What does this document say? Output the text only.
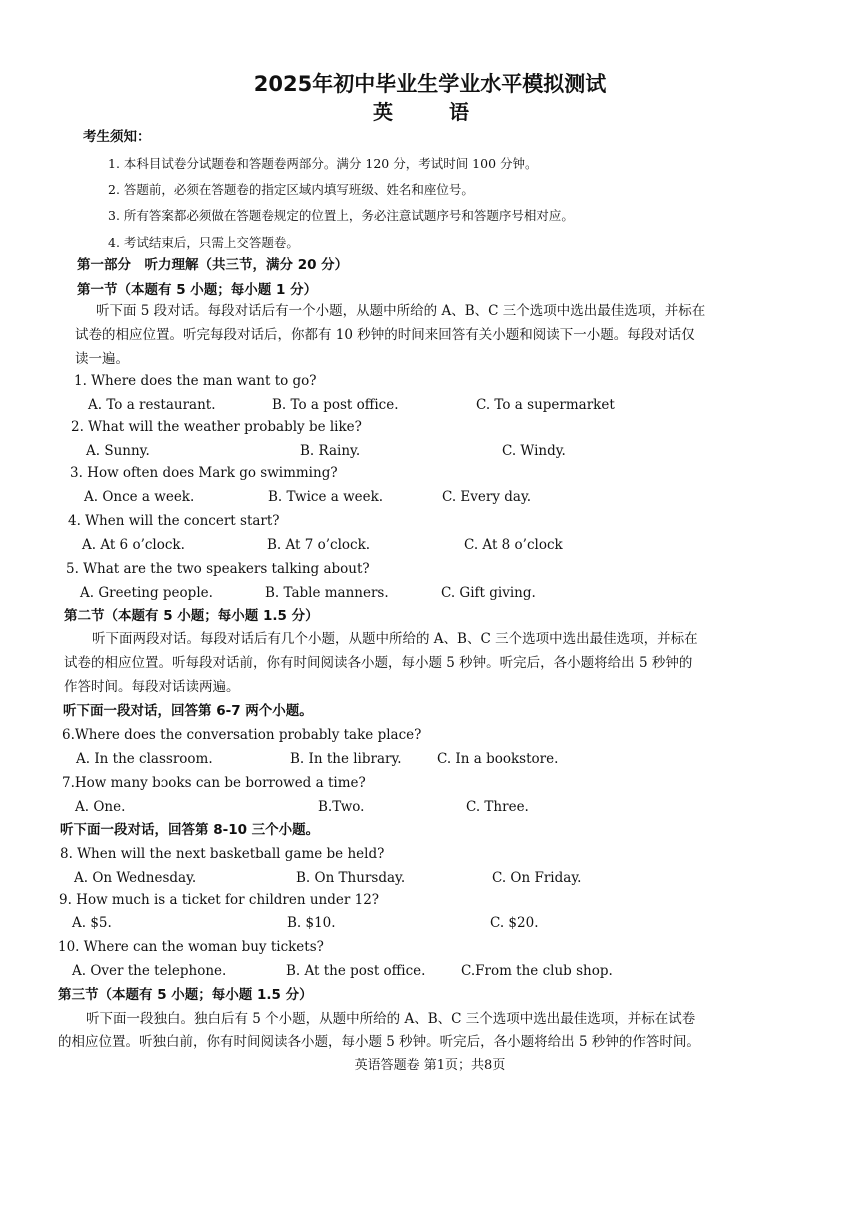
2025年初中毕业生学业水平模拟测试
英　语
考生须知：
1. 本科目试卷分试题卷和答题卷两部分。满分 120 分，考试时间 100 分钟。
2. 答题前，必须在答题卷的指定区域内填写班级、姓名和座位号。
3. 所有答案都必须做在答题卷规定的位置上，务必注意试题序号和答题序号相对应。
4. 考试结束后，只需上交答题卷。
第一部分　听力理解（共三节，满分 20 分）
第一节（本题有 5 小题；每小题 1 分）
听下面 5 段对话。每段对话后有一个小题，从题中所给的 A、B、C 三个选项中选出最佳选项，并标在
试卷的相应位置。听完每段对话后，你都有 10 秒钟的时间来回答有关小题和阅读下一小题。每段对话仅
读一遍。
1. Where does the man want to go?
A. To a restaurant.	B. To a post office.	C. To a supermarket
2. What will the weather probably be like?
A. Sunny.	B. Rainy.	C. Windy.
3. How often does Mark go swimming?
A. Once a week.	B. Twice a week.	C. Every day.
4. When will the concert start?
A. At 6 o’clock.	B. At 7 o’clock.	C. At 8 o’clock
5. What are the two speakers talking about?
A. Greeting people.	B. Table manners.	C. Gift giving.
第二节（本题有 5 小题；每小题 1.5 分）
听下面两段对话。每段对话后有几个小题，从题中所给的 A、B、C 三个选项中选出最佳选项，并标在
试卷的相应位置。听每段对话前，你有时间阅读各小题，每小题 5 秒钟。听完后，各小题将给出 5 秒钟的
作答时间。每段对话读两遍。
听下面一段对话，回答第 6-7 两个小题。
6.Where does the conversation probably take place?
A. In the classroom.	B. In the library.	C. In a bookstore.
7.How many bɔoks can be borrowed a time?
A. One.	B.Two.	C. Three.
听下面一段对话，回答第 8-10 三个小题。
8. When will the next basketball game be held?
A. On Wednesday.	B. On Thursday.	C. On Friday.
9. How much is a ticket for children under 12?
A. $5.	B. $10.	C. $20.
10. Where can the woman buy tickets?
A. Over the telephone.	B. At the post office.	C.From the club shop.
第三节（本题有 5 小题；每小题 1.5 分）
听下面一段独白。独白后有 5 个小题，从题中所给的 A、B、C 三个选项中选出最佳选项，并标在试卷
的相应位置。听独白前，你有时间阅读各小题，每小题 5 秒钟。听完后，各小题将给出 5 秒钟的作答时间。
英语答题卷 第1页；共8页
